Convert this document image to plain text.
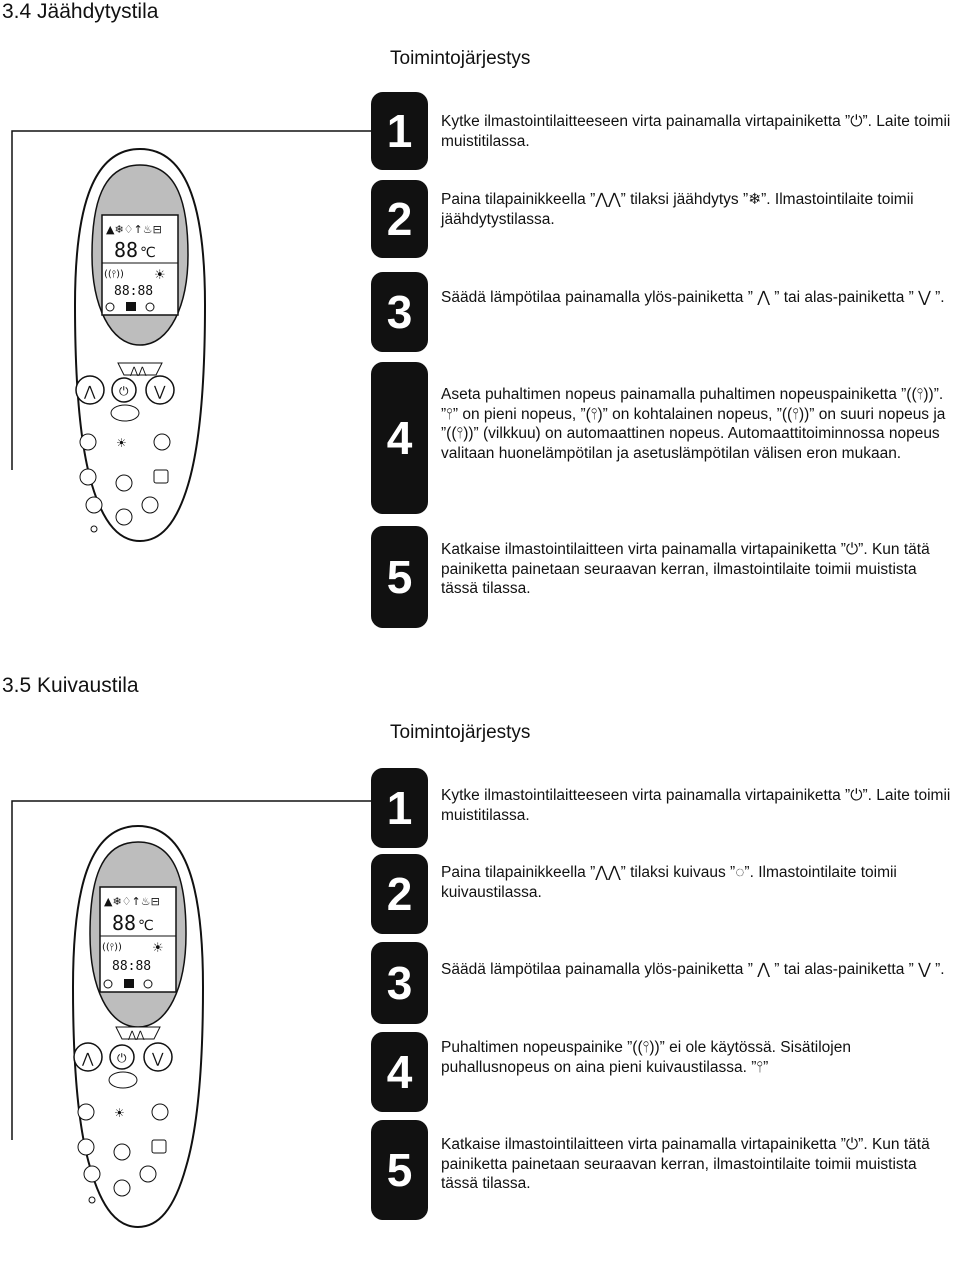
3.4 Jäähdytystila
Toimintojärjestys
▲❄♢↑♨⊟
88 ℃
((⫯)) ☀
88:88
⋀⋀
⋀ ⏻ ⋁
☀
1
2
3
4
5
Kytke ilmastointilaitteeseen virta painamalla virtapainiketta ”⏻”. Laite toimii muistitilassa.
Paina tilapainikkeella ”⋀⋀” tilaksi jäähdytys ”❄”. Ilmastointilaite toimii jäähdytystilassa.
Säädä lämpötilaa painamalla ylös-painiketta ” ⋀ ” tai alas-painiketta ” ⋁ ”.
Aseta puhaltimen nopeus painamalla puhaltimen nopeuspainiketta ”((⫯))”. ”⫯” on pieni nopeus, ”(⫯)” on kohtalainen nopeus, ”((⫯))” on suuri nopeus ja ”((⫯))” (vilkkuu) on automaattinen nopeus. Automaattitoiminnossa nopeus valitaan huonelämpötilan ja asetuslämpötilan välisen eron mukaan.
Katkaise ilmastointilaitteen virta painamalla virtapainiketta ”⏻”. Kun tätä painiketta painetaan seuraavan kerran, ilmastointilaite toimii muistista tässä tilassa.
3.5 Kuivaustila
Toimintojärjestys
▲❄♢↑♨⊟
88 ℃
((⫯)) ☀
88:88
⋀⋀
⋀ ⏻ ⋁
☀
1
2
3
4
5
Kytke ilmastointilaitteeseen virta painamalla virtapainiketta ”⏻”. Laite toimii muistitilassa.
Paina tilapainikkeella ”⋀⋀” tilaksi kuivaus ”◌”. Ilmastointilaite toimii kuivaustilassa.
Säädä lämpötilaa painamalla ylös-painiketta ” ⋀ ” tai alas-painiketta ” ⋁ ”.
Puhaltimen nopeuspainike ”((⫯))” ei ole käytössä. Sisätilojen puhallusnopeus on aina pieni kuivaustilassa. ”⫯”
Katkaise ilmastointilaitteen virta painamalla virtapainiketta ”⏻”. Kun tätä painiketta painetaan seuraavan kerran, ilmastointilaite toimii muistista tässä tilassa.
